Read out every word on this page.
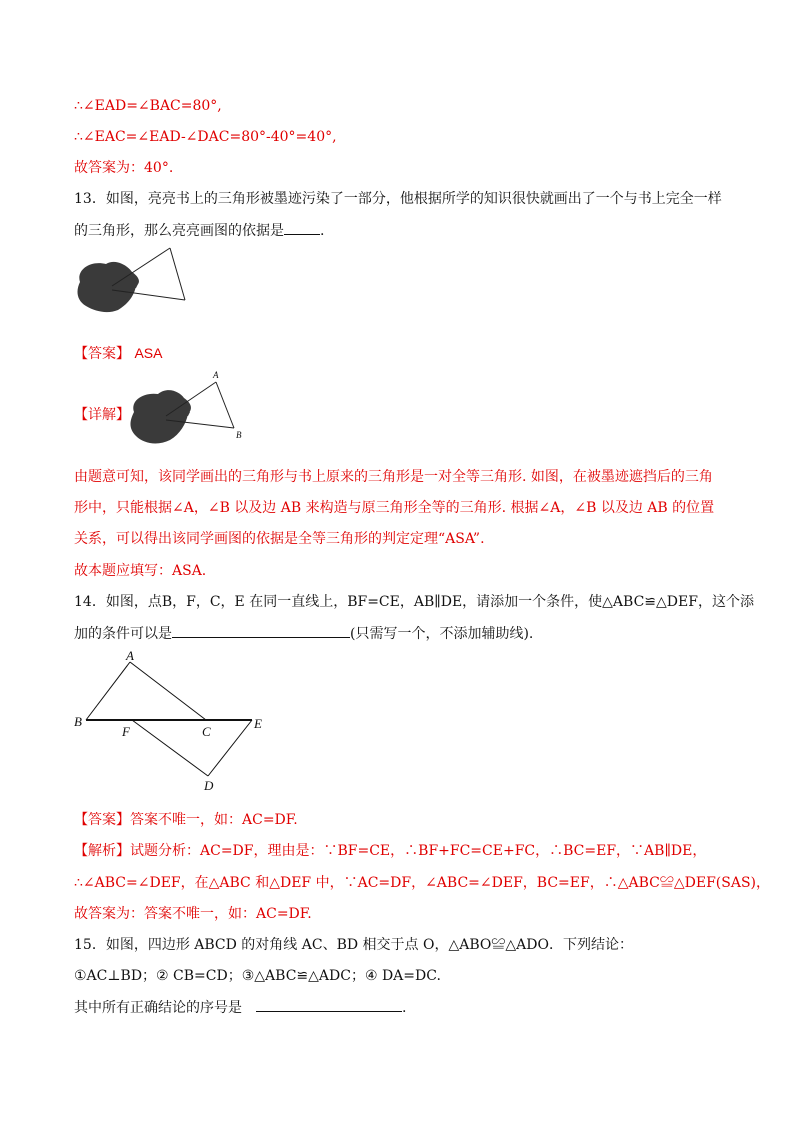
∴∠EAD=∠BAC=80°,
∴∠EAC=∠EAD-∠DAC=80°-40°=40°,
故答案为：40°.
13．如图，亮亮书上的三角形被墨迹污染了一部分，他根据所学的知识很快就画出了一个与书上完全一样
的三角形，那么亮亮画图的依据是	.
【答案】 ASA
【详解】
A
B
由题意可知，该同学画出的三角形与书上原来的三角形是一对全等三角形. 如图，在被墨迹遮挡后的三角
形中，只能根据∠A，∠B 以及边 AB 来构造与原三角形全等的三角形. 根据∠A，∠B 以及边 AB 的位置
关系，可以得出该同学画图的依据是全等三角形的判定定理“ASA”.
故本题应填写：ASA.
14．如图，点B，F，C，E 在同一直线上，BF=CE，AB∥DE，请添加一个条件，使△ABC≌△DEF，这个添
加的条件可以是	(只需写一个，不添加辅助线).
A
B
F	C
E
D
【答案】答案不唯一，如：AC=DF.
【解析】试题分析：AC=DF，理由是：∵BF=CE，∴BF+FC=CE+FC，∴BC=EF，∵AB∥DE，
∴∠ABC=∠DEF，在△ABC 和△DEF 中，∵AC=DF，∠ABC=∠DEF，BC=EF，∴△ABC≌△DEF(SAS)，
故答案为：答案不唯一，如：AC=DF.
15．如图，四边形 ABCD 的对角线 AC、BD 相交于点 O，△ABO≌△ADO．下列结论：
①AC⊥BD；② CB=CD；③△ABC≌△ADC；④ DA=DC.
其中所有正确结论的序号是	.
